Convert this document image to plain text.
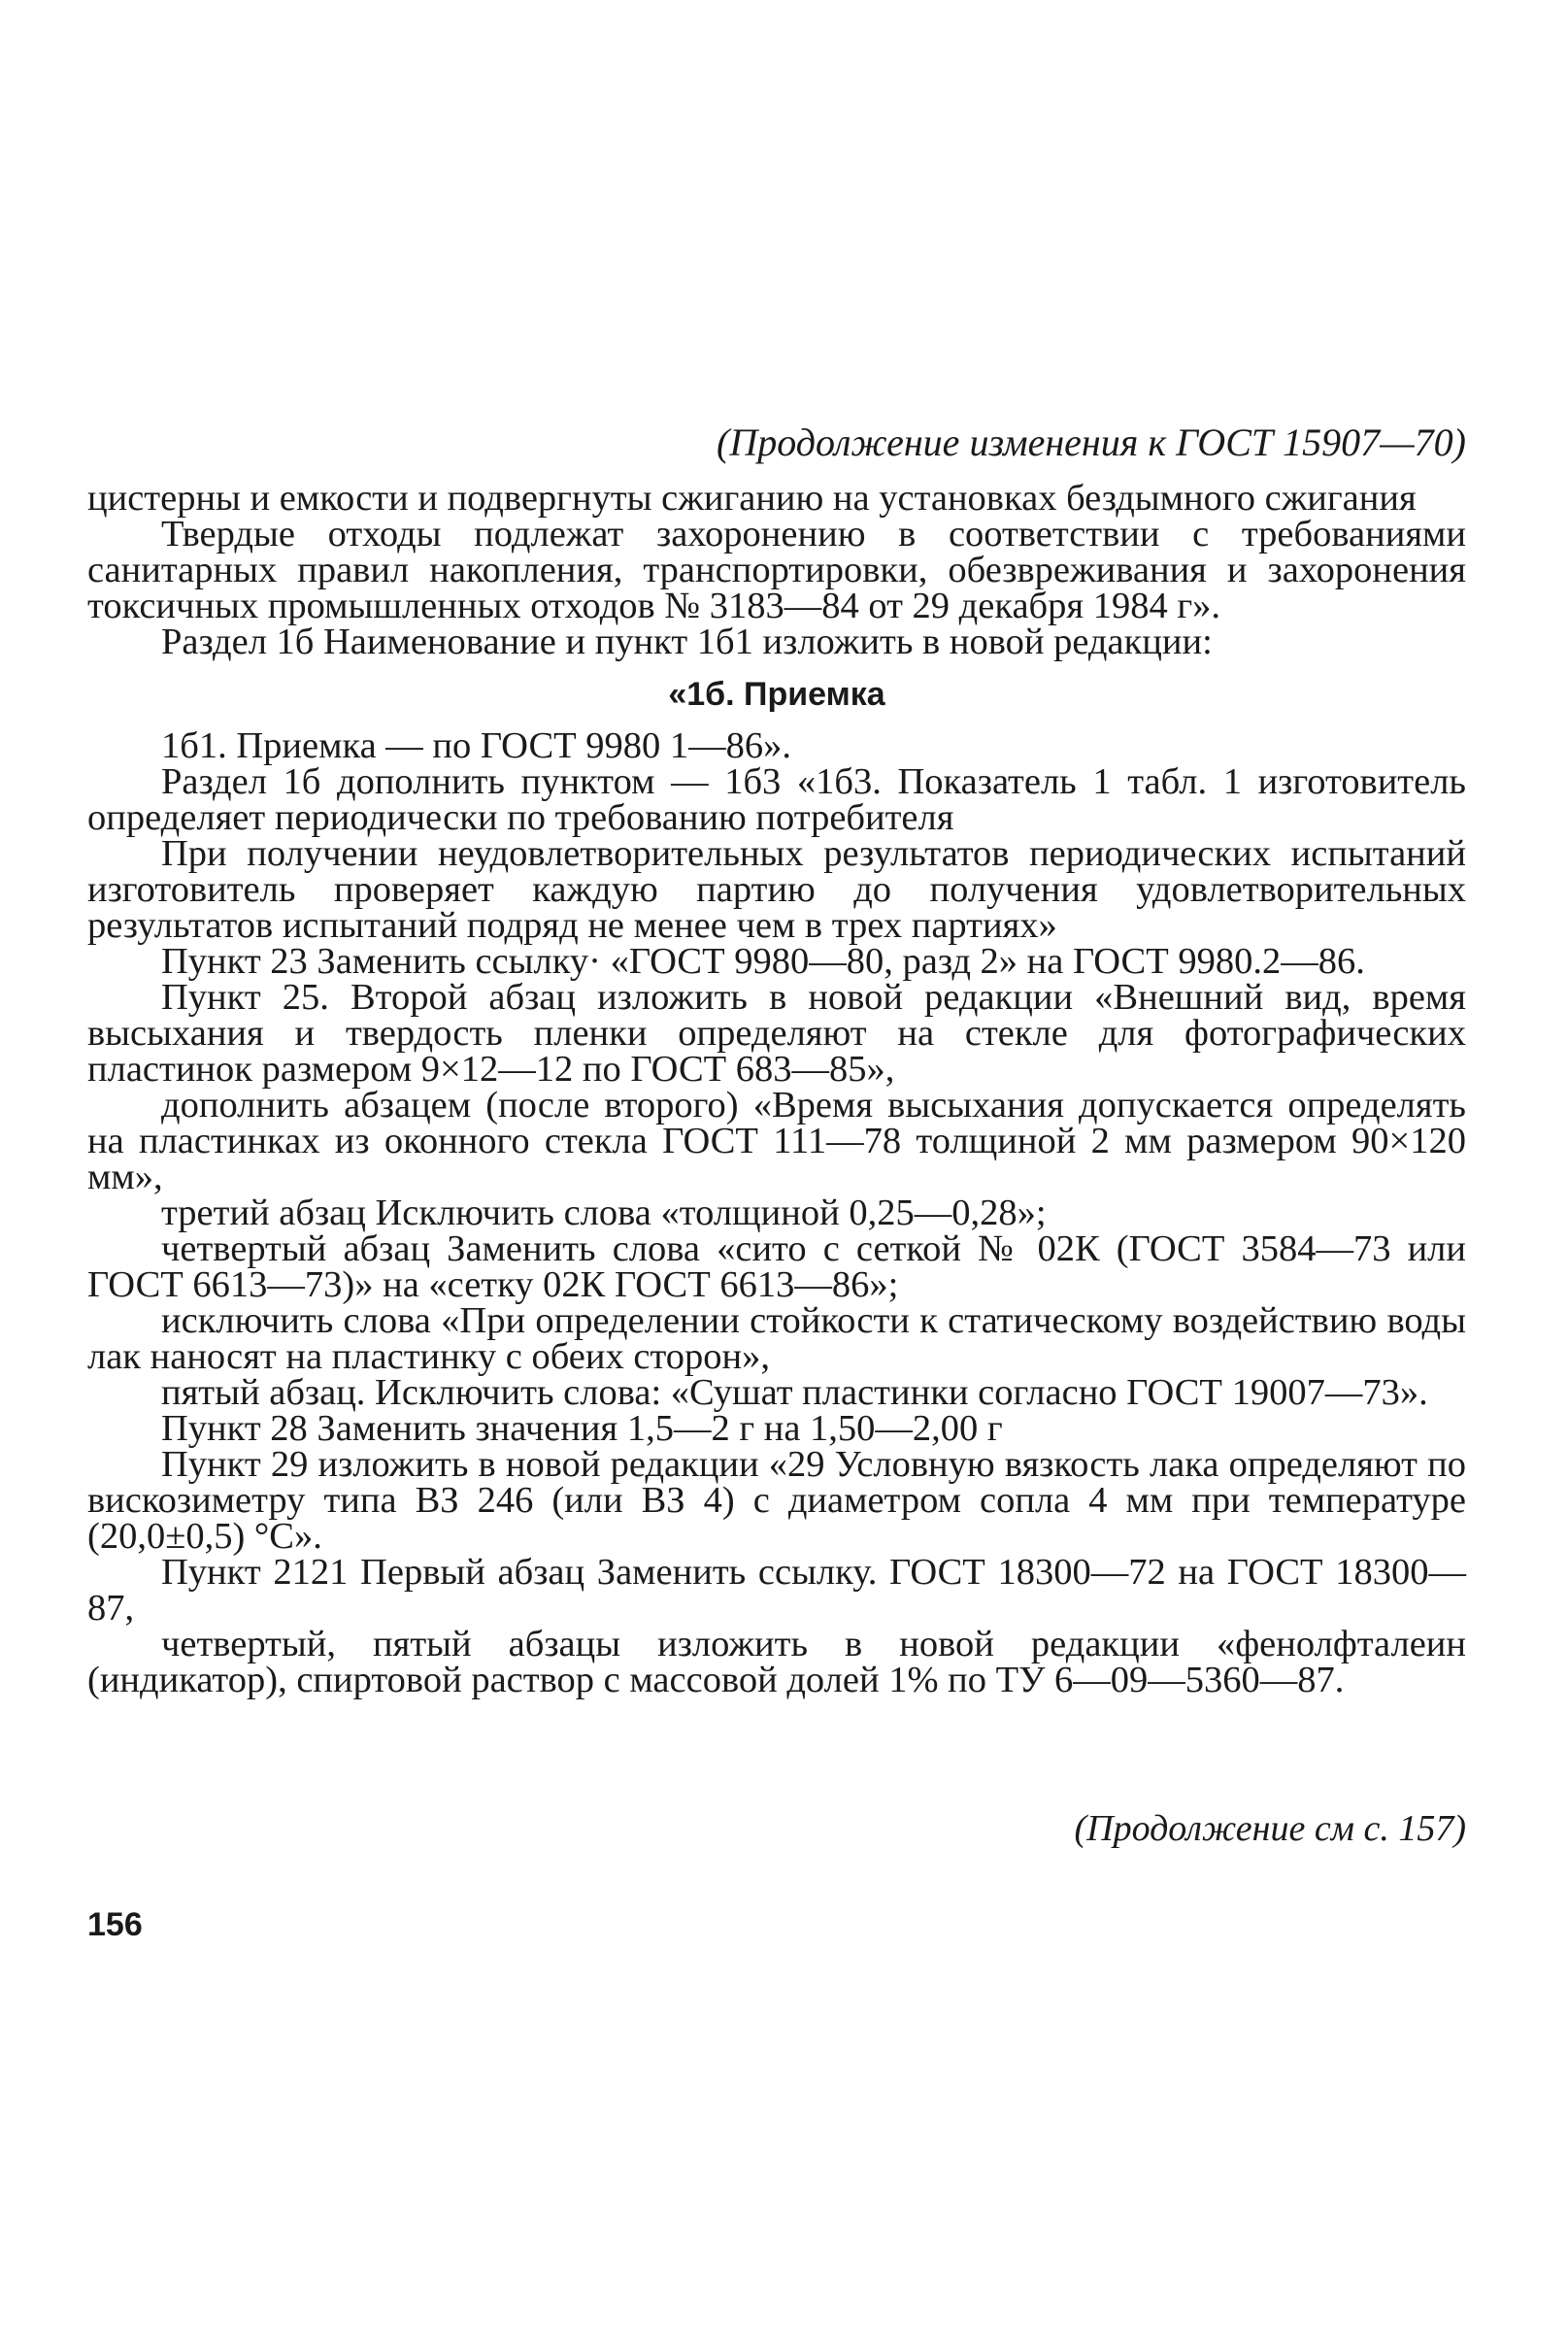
(Продолжение изменения к ГОСТ 15907—70)

цистерны и емкости и подвергнуты сжиганию на установках бездымного сжигания

Твердые отходы подлежат захоронению в соответствии с требованиями санитарных правил накопления, транспортировки, обезвреживания и захоронения токсичных промышленных отходов № 3183—84 от 29 декабря 1984 г».

Раздел 1б Наименование и пункт 1б1 изложить в новой редакции:

«1б. Приемка

1б1. Приемка — по ГОСТ 9980 1—86».

Раздел 1б дополнить пунктом — 1б3 «1б3. Показатель 1 табл. 1 изготовитель определяет периодически по требованию потребителя

При получении неудовлетворительных результатов периодических испытаний изготовитель проверяет каждую партию до получения удовлетворительных результатов испытаний подряд не менее чем в трех партиях»

Пункт 23 Заменить ссылку· «ГОСТ 9980—80, разд 2» на ГОСТ 9980.2—86.

Пункт 25. Второй абзац изложить в новой редакции «Внешний вид, время высыхания и твердость пленки определяют на стекле для фотографических пластинок размером 9×12—12 по ГОСТ 683—85»,

дополнить абзацем (после второго) «Время высыхания допускается определять на пластинках из оконного стекла ГОСТ 111—78 толщиной 2 мм размером 90×120 мм»,

третий абзац Исключить слова «толщиной 0,25—0,28»;

четвертый абзац Заменить слова «сито с сеткой № 02К (ГОСТ 3584—73 или ГОСТ 6613—73)» на «сетку 02К ГОСТ 6613—86»;

исключить слова «При определении стойкости к статическому воздействию воды лак наносят на пластинку с обеих сторон»,

пятый абзац. Исключить слова: «Сушат пластинки согласно ГОСТ 19007—73».

Пункт 28 Заменить значения 1,5—2 г на 1,50—2,00 г

Пункт 29 изложить в новой редакции «29 Условную вязкость лака определяют по вискозиметру типа ВЗ 246 (или ВЗ 4) с диаметром сопла 4 мм при температуре (20,0±0,5) °С».

Пункт 2121 Первый абзац Заменить ссылку. ГОСТ 18300—72 на ГОСТ 18300—87,

четвертый, пятый абзацы изложить в новой редакции «фенолфталеин (индикатор), спиртовой раствор с массовой долей 1% по ТУ 6—09—5360—87.

(Продолжение см с. 157)
156
